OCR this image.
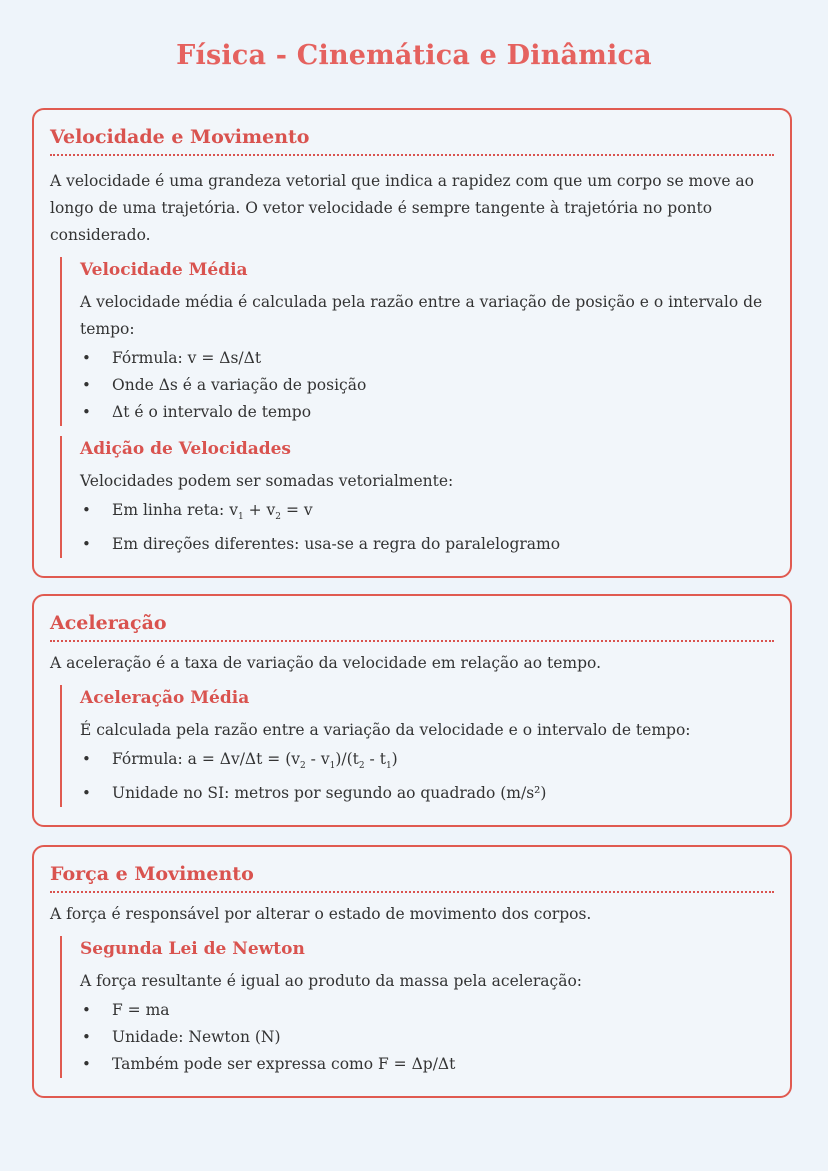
Física - Cinemática e Dinâmica
Velocidade e Movimento

A velocidade é uma grandeza vetorial que indica a rapidez com que um corpo se move ao longo de uma trajetória. O vetor velocidade é sempre tangente à trajetória no ponto considerado.

Velocidade Média

A velocidade média é calculada pela razão entre a variação de posição e o intervalo de tempo:

• Fórmula: v = Δs/Δt
• Onde Δs é a variação de posição
• Δt é o intervalo de tempo
Adição de Velocidades

Velocidades podem ser somadas vetorialmente:

• Em linha reta: $v_1 + v_2 = v$
• Em direções diferentes: usa-se a regra do paralelogramo
Aceleração

A aceleração é a taxa de variação da velocidade em relação ao tempo.

Aceleração Média

É calculada pela razão entre a variação da velocidade e o intervalo de tempo:

• Fórmula: $a = \Delta v/\Delta t = (v_2 - v_1)/(t_2 - t_1)$
• Unidade no SI: metros por segundo ao quadrado (m/s²)
Força e Movimento

A força é responsável por alterar o estado de movimento dos corpos.

Segunda Lei de Newton

A força resultante é igual ao produto da massa pela aceleração:

• F = ma
• Unidade: Newton (N)
• Também pode ser expressa como F = Δp/Δt
